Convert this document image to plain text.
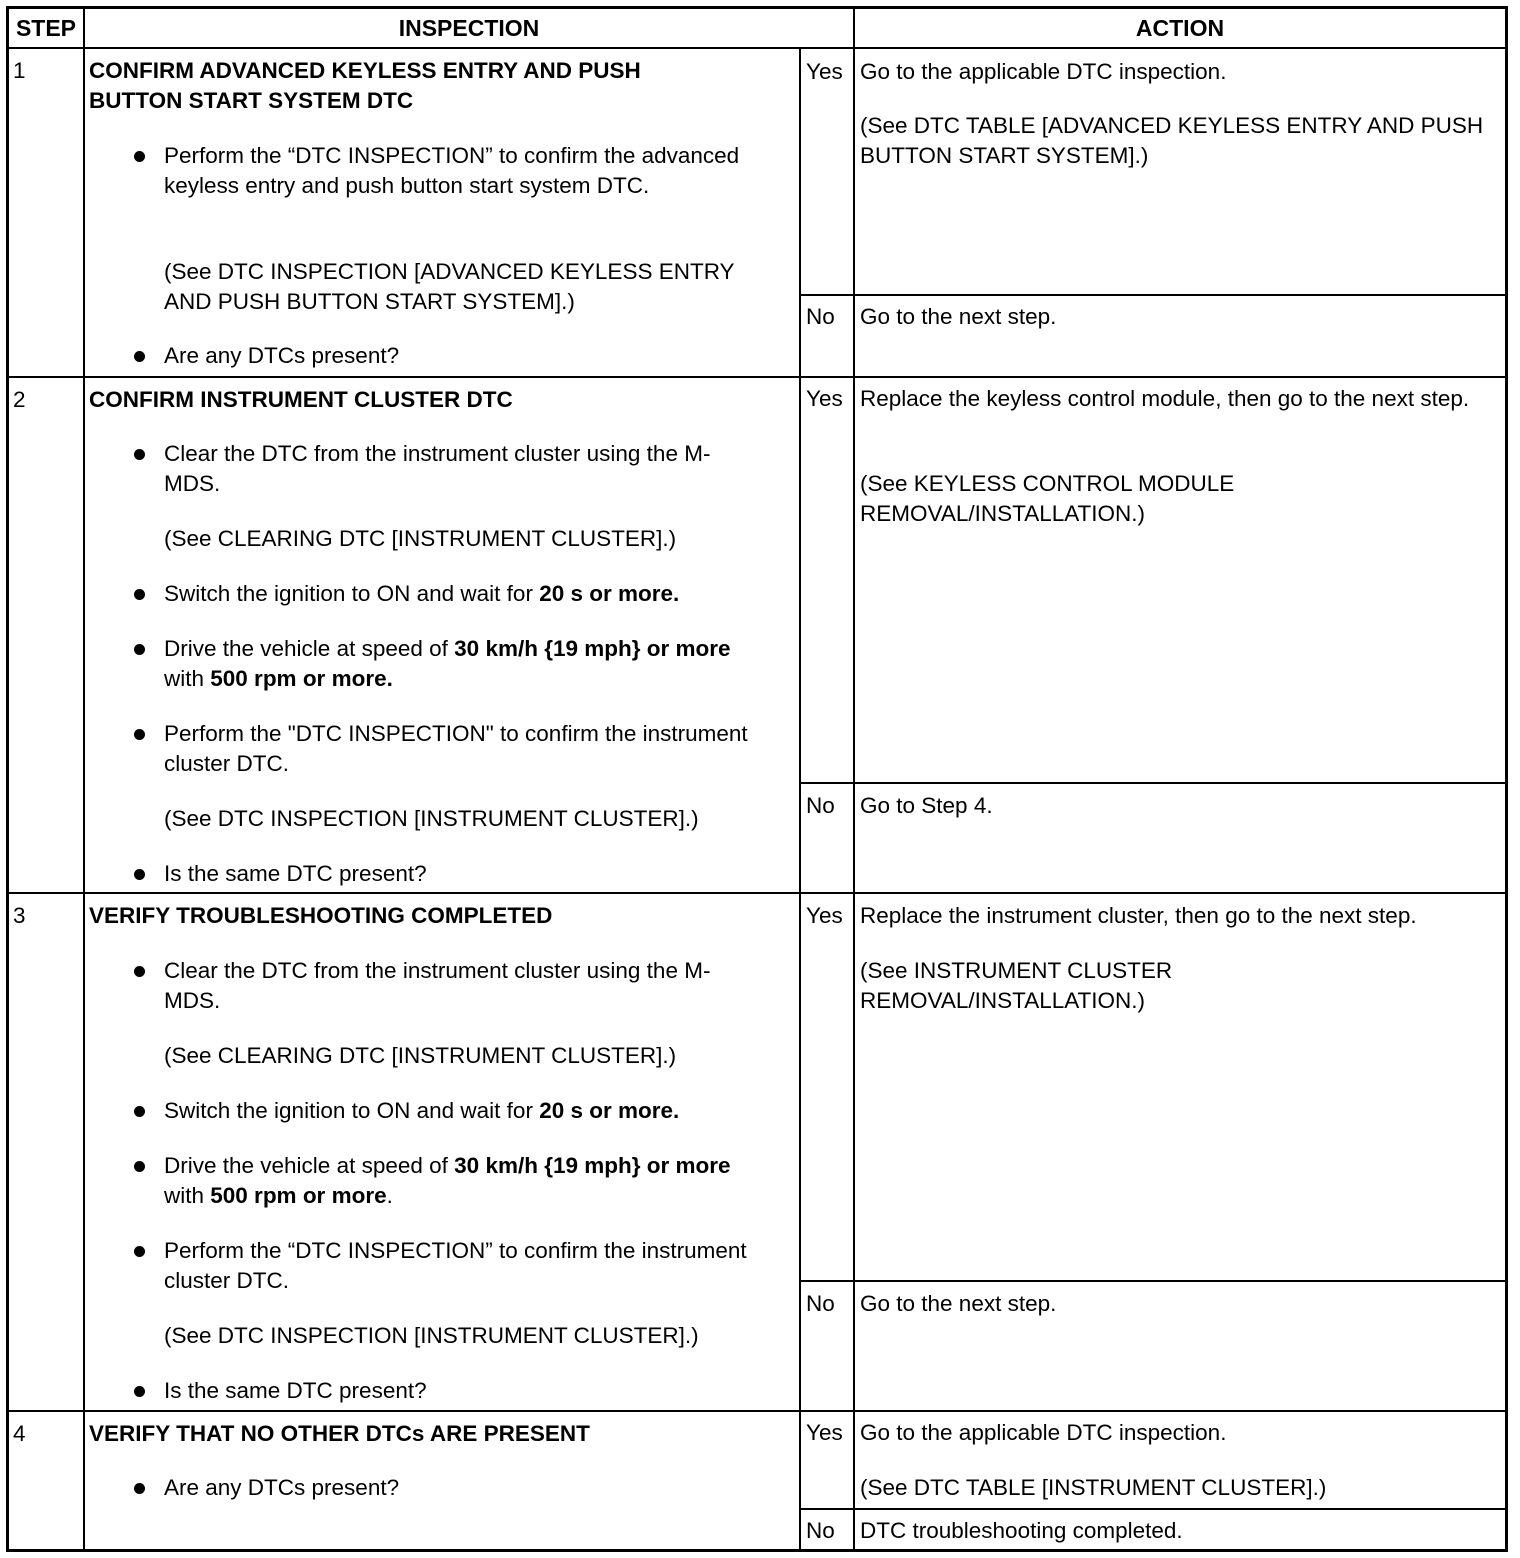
STEP	INSPECTION	ACTION
1	CONFIRM ADVANCED KEYLESS ENTRY AND PUSH BUTTON START SYSTEM DTC
Perform the “DTC INSPECTION” to confirm the advanced keyless entry and push button start system DTC.
(See DTC INSPECTION [ADVANCED KEYLESS ENTRY AND PUSH BUTTON START SYSTEM].)
Are any DTCs present?
Yes Go to the applicable DTC inspection.
(See DTC TABLE [ADVANCED KEYLESS ENTRY AND PUSH BUTTON START SYSTEM].)
No Go to the next step.
2	CONFIRM INSTRUMENT CLUSTER DTC
Clear the DTC from the instrument cluster using the M-MDS.
(See CLEARING DTC [INSTRUMENT CLUSTER].)
Switch the ignition to ON and wait for 20 s or more.
Drive the vehicle at speed of 30 km/h {19 mph} or more with 500 rpm or more.
Perform the "DTC INSPECTION" to confirm the instrument cluster DTC.
(See DTC INSPECTION [INSTRUMENT CLUSTER].)
Is the same DTC present?
Yes Replace the keyless control module, then go to the next step.
(See KEYLESS CONTROL MODULE REMOVAL/INSTALLATION.)
No Go to Step 4.
3	VERIFY TROUBLESHOOTING COMPLETED
Clear the DTC from the instrument cluster using the M-MDS.
(See CLEARING DTC [INSTRUMENT CLUSTER].)
Switch the ignition to ON and wait for 20 s or more.
Drive the vehicle at speed of 30 km/h {19 mph} or more with 500 rpm or more.
Perform the “DTC INSPECTION” to confirm the instrument cluster DTC.
(See DTC INSPECTION [INSTRUMENT CLUSTER].)
Is the same DTC present?
Yes Replace the instrument cluster, then go to the next step.
(See INSTRUMENT CLUSTER REMOVAL/INSTALLATION.)
No Go to the next step.
4	VERIFY THAT NO OTHER DTCs ARE PRESENT
Are any DTCs present?
Yes Go to the applicable DTC inspection.
(See DTC TABLE [INSTRUMENT CLUSTER].)
No DTC troubleshooting completed.
